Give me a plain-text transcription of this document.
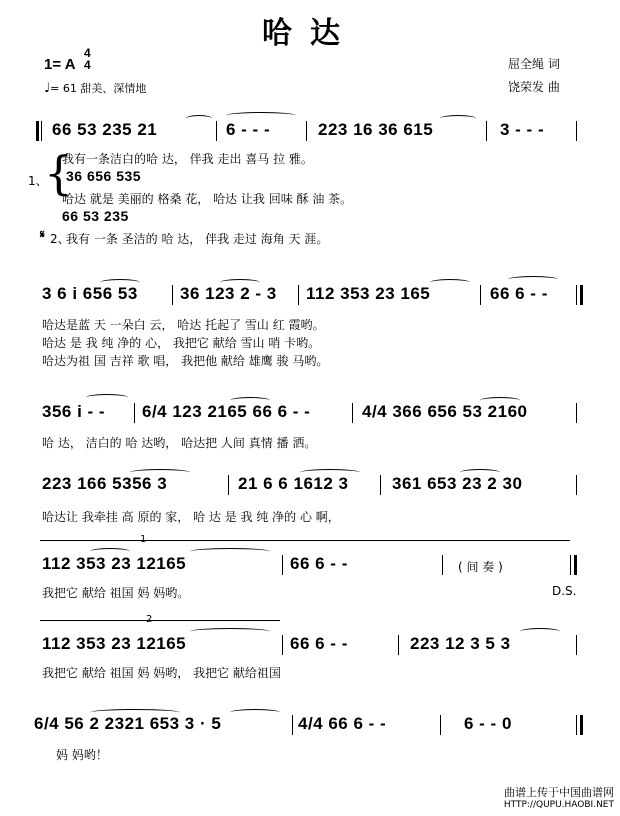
哈达
1= A
4
4
♩= 61 甜美、深情地
屈全绳 词
饶荣发 曲
66 53 235 21	6 - - -	223 16 36 615	3 - - -
我有一条洁白的哈 达， 伴我 走出 喜马 拉 雅。
1、
{
36 656 535
哈达 就是 美丽的 格桑 花， 哈达 让我 回味 酥 油 茶。
66 53 235
𝄋 2、
我有 一条 圣洁的 哈 达， 伴我 走过 海角 天 涯。
3 6 i 656 53 36 123 2 - 3 112 353 23 165	66 6 - -
哈达是蓝 天 一朵白 云， 哈达 托起了 雪山 红 霞哟。
哈达 是 我 纯 净的 心， 我把它 献给 雪山 哨 卡哟。
哈达为祖 国 吉祥 歌 唱， 我把他 献给 雄鹰 骏 马哟。
356 i - - 6/4 123 2165 66 6 - -	4/4 366 656 53 2160
哈 达， 洁白的 哈 达哟， 哈达把 人间 真情 播 洒。
223 166 5356 3	21 6 6 1612 3	361 653 23 2 30
哈达让 我牵挂 高 原的 家， 哈 达 是 我 纯 净的 心 啊，
1
112 353 23 12165	66 6 - -	( 间 奏 )
我把它 献给 祖国 妈 妈哟。	D.S.
2
112 353 23 12165	66 6 - -	223 12 3 5 3
我把它 献给 祖国 妈 妈哟， 我把它 献给祖国
6/4 56 2 2321 653 3 · 5	4/4 66 6 - -	6 - - 0
妈 妈哟！
曲谱上传于中国曲谱网
HTTP://QUPU.HAOBI.NET
